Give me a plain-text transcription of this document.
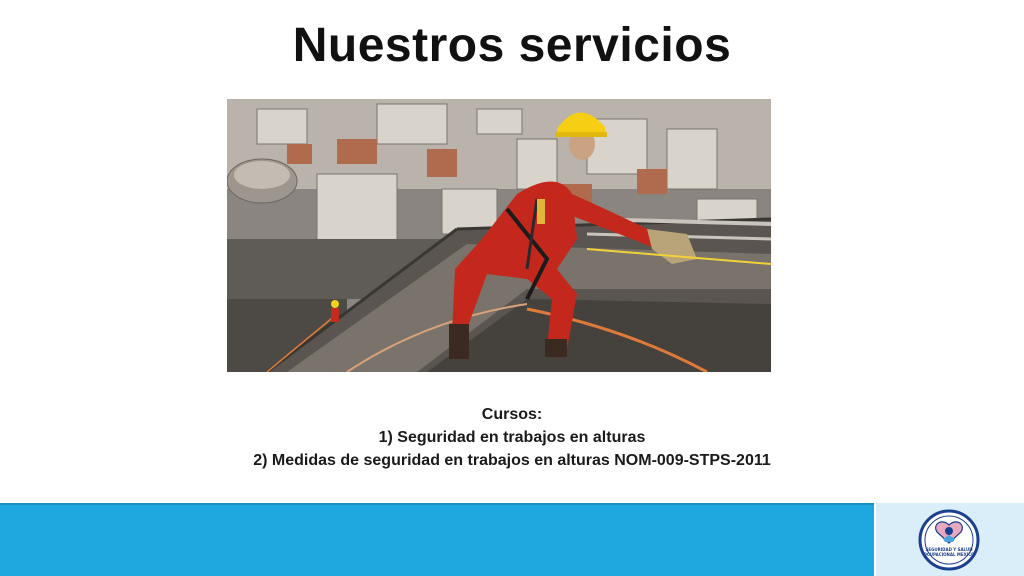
Nuestros servicios
Cursos:
1) Seguridad en trabajos en alturas
2) Medidas de seguridad en trabajos en alturas NOM-009-STPS-2011
SEGURIDAD Y SALUD
OCUPACIONAL MEXICO
